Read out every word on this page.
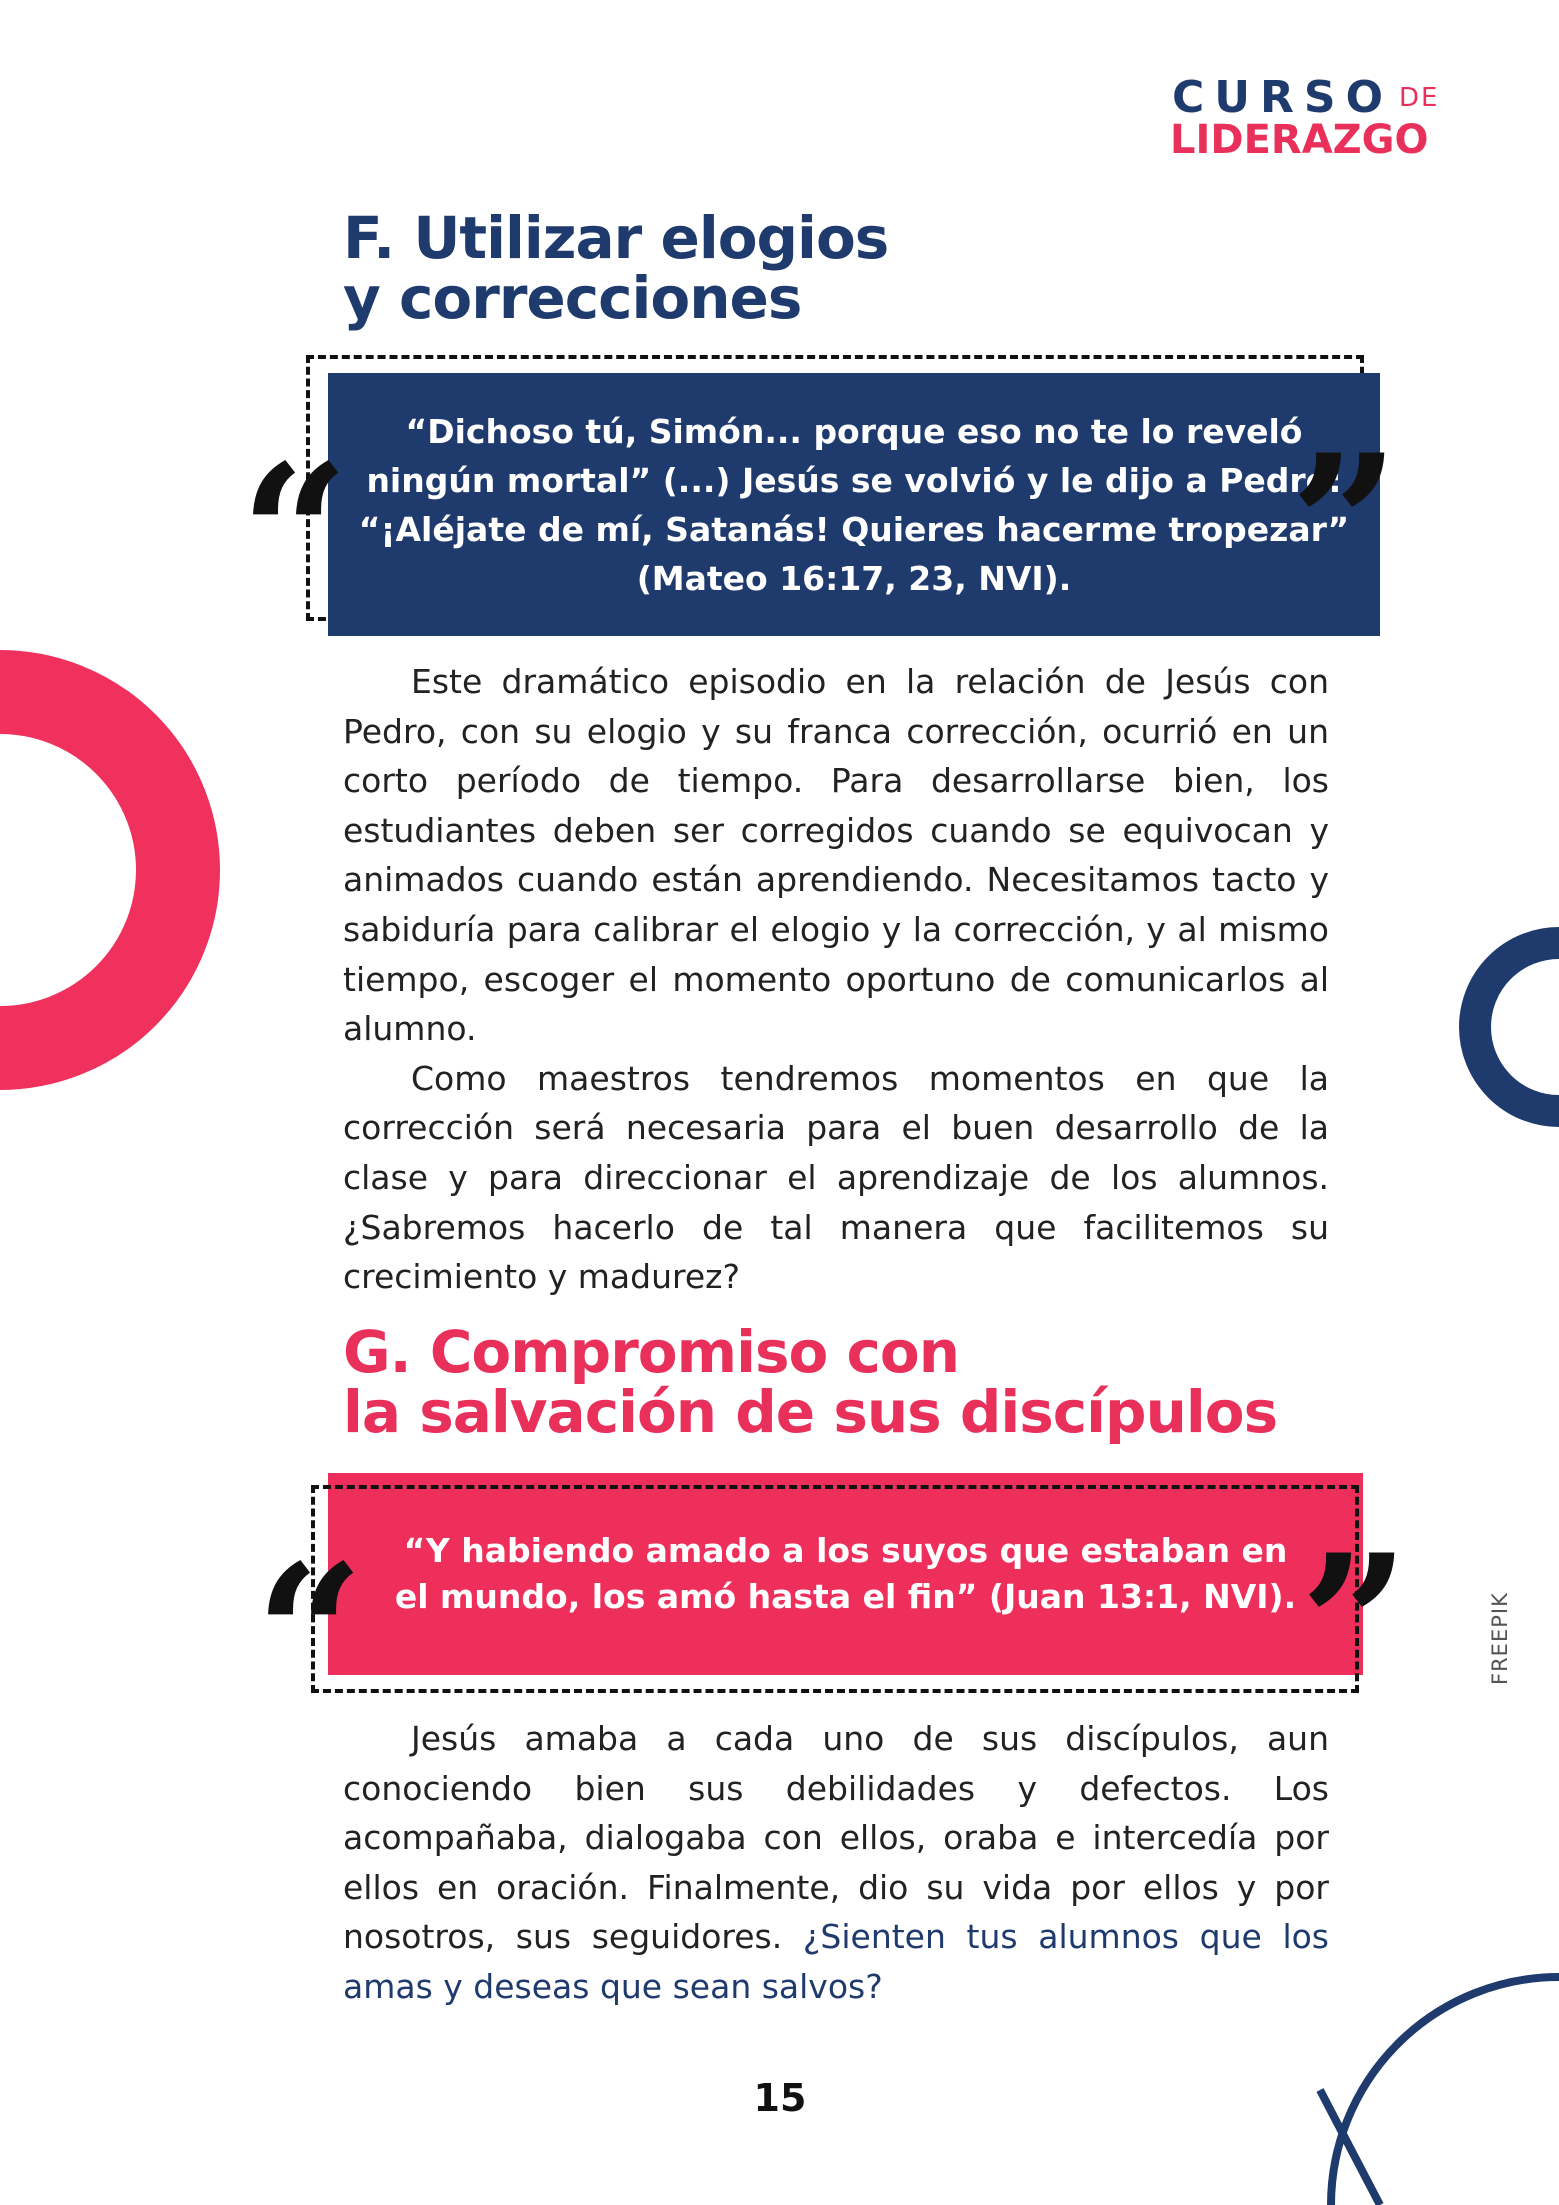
CURSO DE
LIDERAZGO
F. Utilizar elogios
y correcciones
“Dichoso tú, Simón... porque eso no te lo reveló
ningún mortal” (...) Jesús se volvió y le dijo a Pedro:
“¡Aléjate de mí, Satanás! Quieres hacerme tropezar”
(Mateo 16:17, 23, NVI).
“	”

Este dramático episodio en la relación de Jesús con Pedro, con su elogio y su franca corrección, ocurrió en un corto período de tiempo. Para desarrollarse bien, los estudiantes deben ser corregidos cuando se equivocan y animados cuando están aprendiendo. Necesitamos tacto y sabiduría para calibrar el elogio y la corrección, y al mismo tiempo, escoger el momento oportuno de comunicarlos al alumno.

Como maestros tendremos momentos en que la corrección será necesaria para el buen desarrollo de la clase y para direccionar el aprendizaje de los alumnos. ¿Sabremos hacerlo de tal manera que facilitemos su crecimiento y madurez?

G. Compromiso con
la salvación de sus discípulos
“Y habiendo amado a los suyos que estaban en
el mundo, los amó hasta el fin” (Juan 13:1, NVI).
“	”

Jesús amaba a cada uno de sus discípulos, aun conociendo bien sus debilidades y defectos. Los acompañaba, dialogaba con ellos, oraba e intercedía por ellos en oración. Finalmente, dio su vida por ellos y por nosotros, sus seguidores. ¿Sienten tus alumnos que los amas y deseas que sean salvos?

15
FREEPIK
